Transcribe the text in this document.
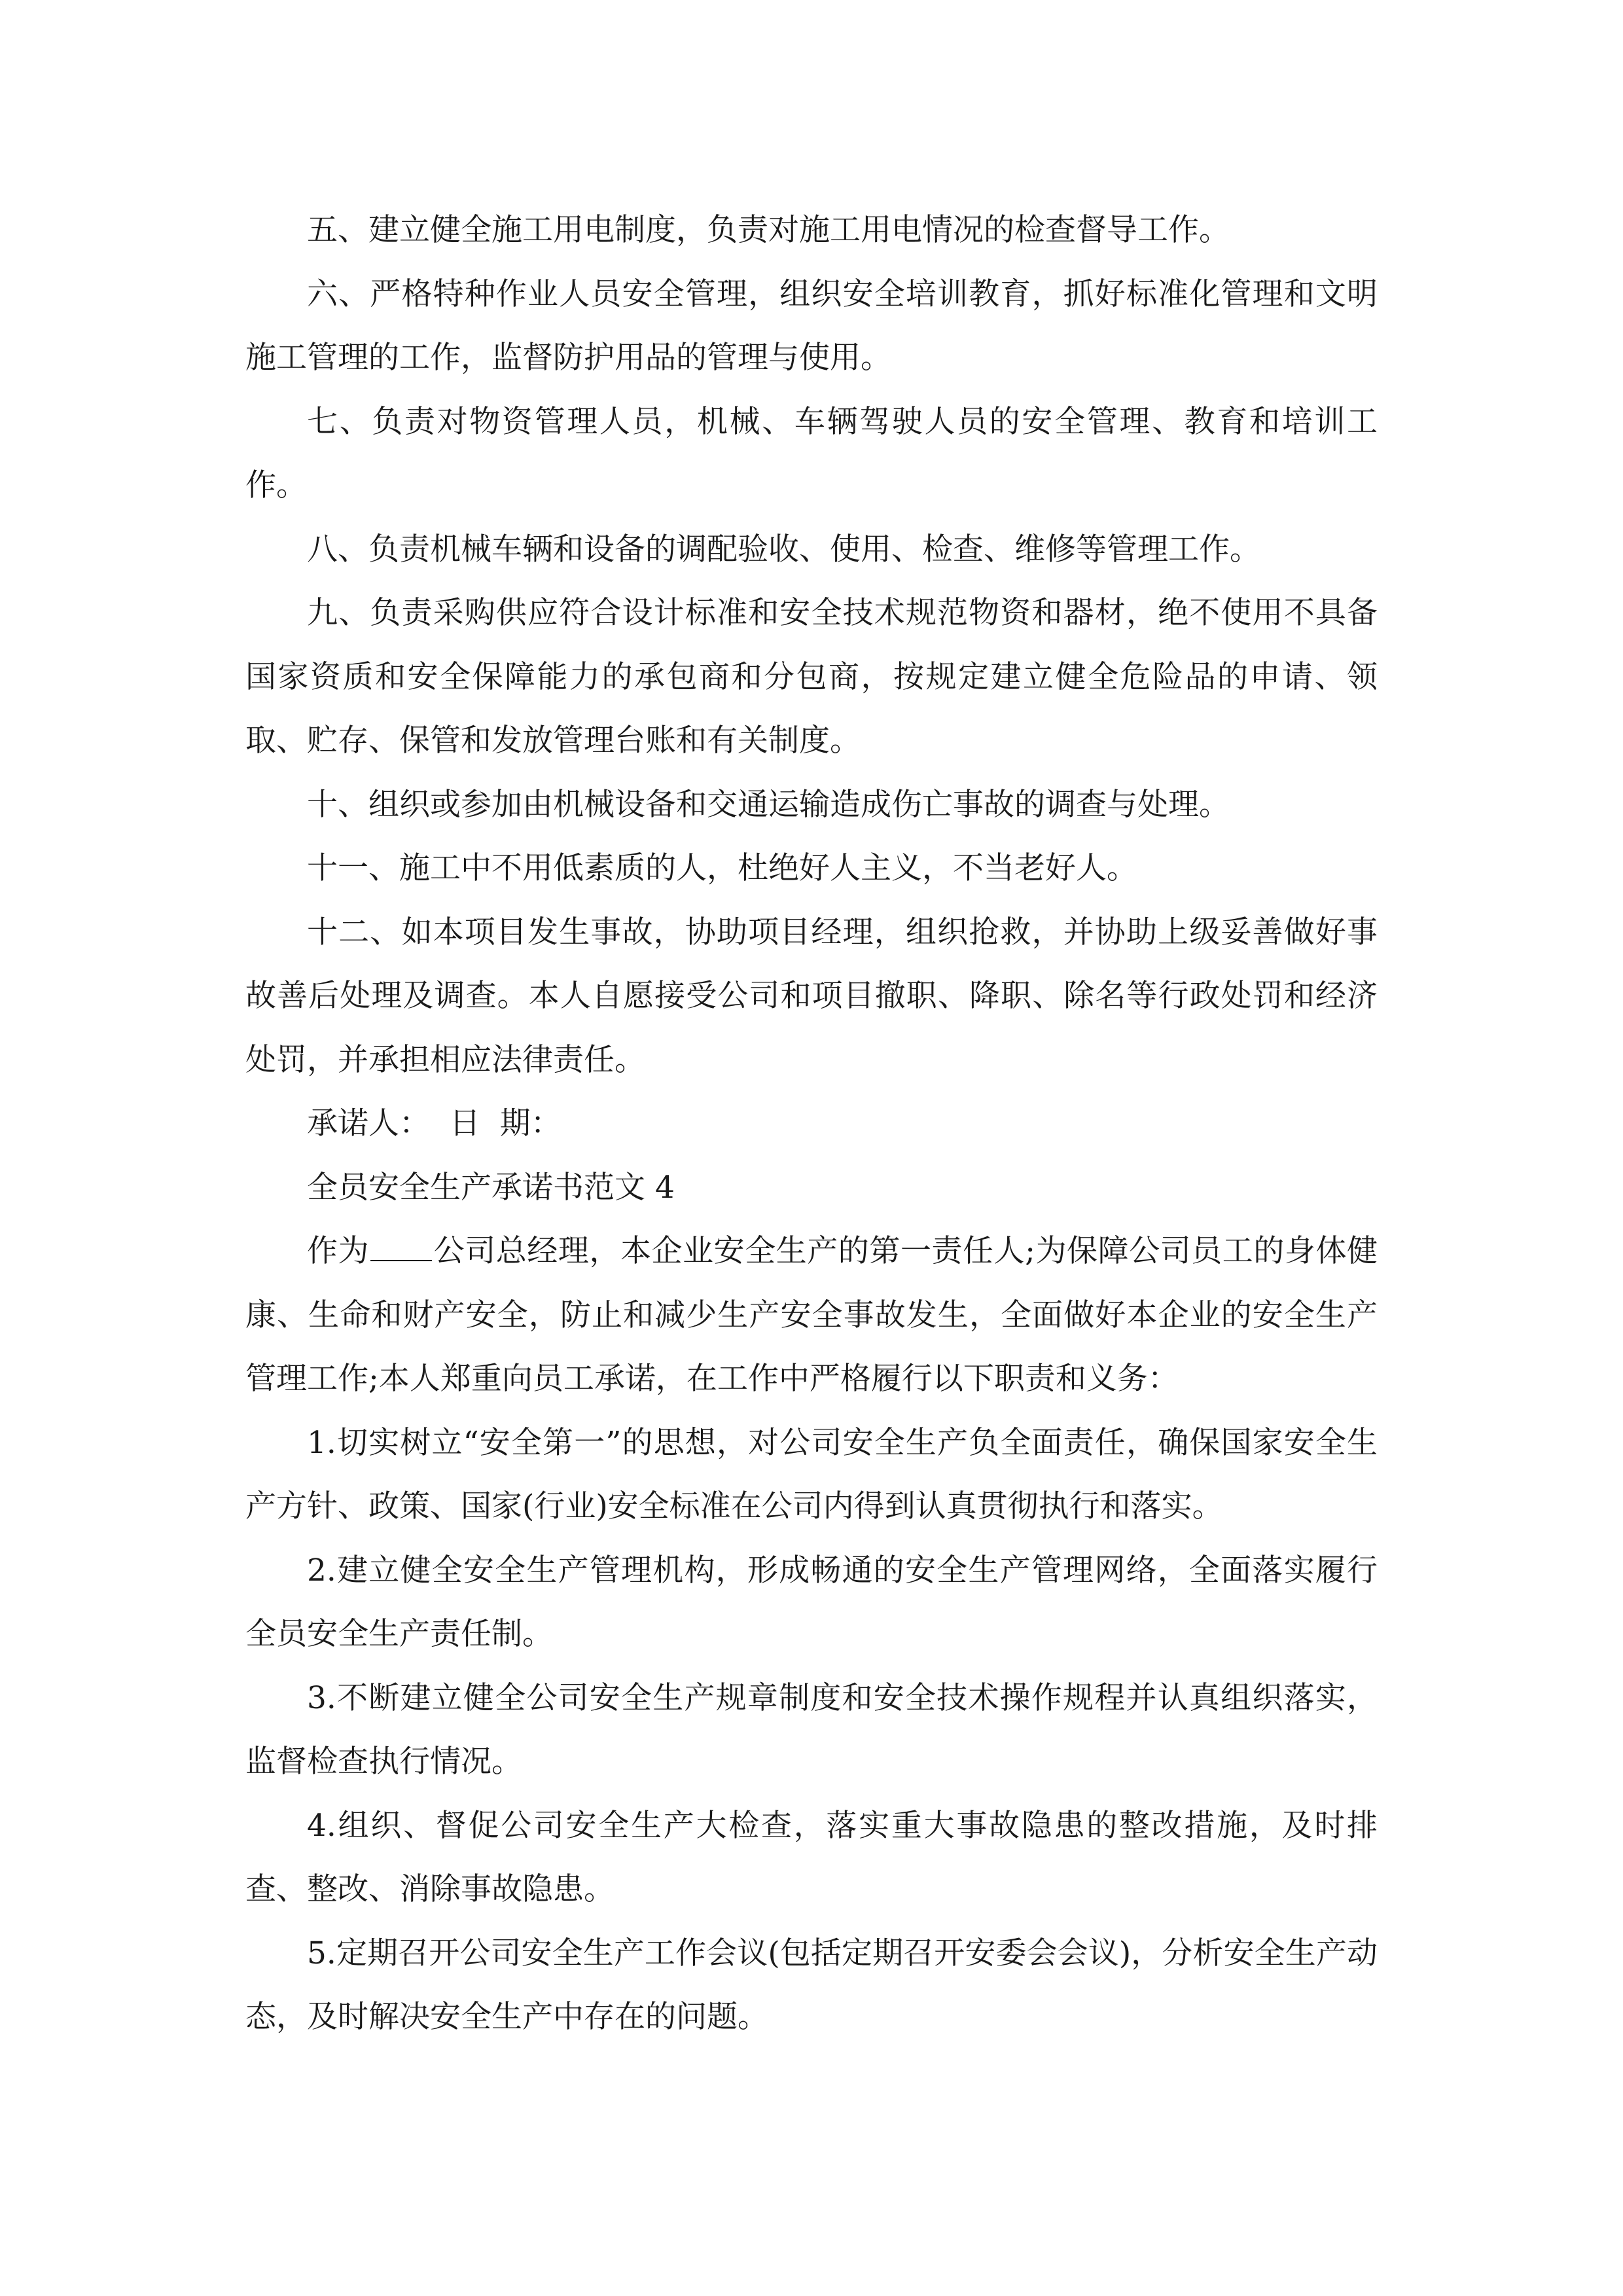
五、建立健全施工用电制度，负责对施工用电情况的检查督导工作。

六、严格特种作业人员安全管理，组织安全培训教育，抓好标准化管理和文明施工管理的工作，监督防护用品的管理与使用。

七、负责对物资管理人员，机械、车辆驾驶人员的安全管理、教育和培训工作。

八、负责机械车辆和设备的调配验收、使用、检查、维修等管理工作。

九、负责采购供应符合设计标准和安全技术规范物资和器材，绝不使用不具备国家资质和安全保障能力的承包商和分包商，按规定建立健全危险品的申请、领取、贮存、保管和发放管理台账和有关制度。

十、组织或参加由机械设备和交通运输造成伤亡事故的调查与处理。

十一、施工中不用低素质的人，杜绝好人主义，不当老好人。

十二、如本项目发生事故，协助项目经理，组织抢救，并协助上级妥善做好事故善后处理及调查。本人自愿接受公司和项目撤职、降职、除名等行政处罚和经济处罚，并承担相应法律责任。

承诺人：  日  期：

全员安全生产承诺书范文 4

作为 公司总经理，本企业安全生产的第一责任人;为保障公司员工的身体健康、生命和财产安全，防止和减少生产安全事故发生，全面做好本企业的安全生产管理工作;本人郑重向员工承诺，在工作中严格履行以下职责和义务：

1.切实树立“安全第一”的思想，对公司安全生产负全面责任，确保国家安全生产方针、政策、国家(行业)安全标准在公司内得到认真贯彻执行和落实。

2.建立健全安全生产管理机构，形成畅通的安全生产管理网络，全面落实履行全员安全生产责任制。

3.不断建立健全公司安全生产规章制度和安全技术操作规程并认真组织落实，监督检查执行情况。

4.组织、督促公司安全生产大检查，落实重大事故隐患的整改措施，及时排查、整改、消除事故隐患。

5.定期召开公司安全生产工作会议(包括定期召开安委会会议)，分析安全生产动态，及时解决安全生产中存在的问题。
